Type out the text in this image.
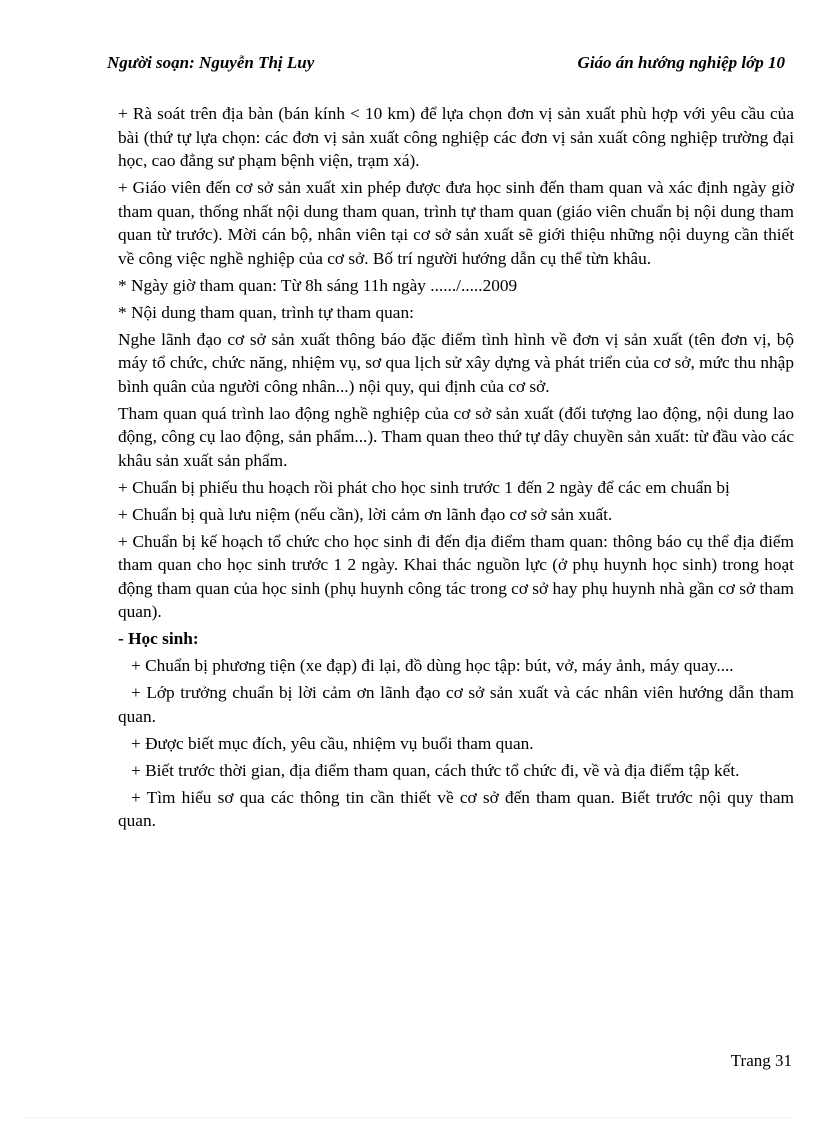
Người soạn: Nguyễn Thị Luy	Giáo án hướng nghiệp lớp 10

+ Rà soát trên địa bàn (bán kính < 10 km) để lựa chọn đơn vị sản xuất phù hợp với yêu cầu của bài (thứ tự lựa chọn: các đơn vị sản xuất công nghiệp các đơn vị sản xuất công nghiệp trường đại học, cao đẳng sư phạm bệnh viện, trạm xá).

+ Giáo viên đến cơ sở sản xuất xin phép được đưa học sinh đến tham quan và xác định ngày giờ tham quan, thống nhất nội dung tham quan, trình tự tham quan (giáo viên chuẩn bị nội dung tham quan từ trước). Mời cán bộ, nhân viên tại cơ sở sản xuất sẽ giới thiệu những nội duyng cần thiết về công việc nghề nghiệp của cơ sở. Bố trí người hướng dẫn cụ thể từn khâu.

* Ngày giờ tham quan: Từ 8h sáng 11h ngày ....../.....2009

* Nội dung tham quan, trình tự tham quan:

Nghe lãnh đạo cơ sở sản xuất thông báo đặc điểm tình hình về đơn vị sản xuất (tên đơn vị, bộ máy tổ chức, chức năng, nhiệm vụ, sơ qua lịch sử xây dựng và phát triển của cơ sở, mức thu nhập bình quân của người công nhân...) nội quy, qui định của cơ sở.

Tham quan quá trình lao động nghề nghiệp của cơ sở sản xuất (đối tượng lao động, nội dung lao động, công cụ lao động, sản phẩm...). Tham quan theo thứ tự dây chuyền sản xuất: từ đầu vào các khâu sản xuất sản phẩm.

+ Chuẩn bị phiếu thu hoạch rồi phát cho học sinh trước 1 đến 2 ngày để các em chuẩn bị

+ Chuẩn bị quà lưu niệm (nếu cần), lời cảm ơn lãnh đạo cơ sở sản xuất.

+ Chuẩn bị kế hoạch tổ chức cho học sinh đi đến địa điểm tham quan: thông báo cụ thể địa điểm tham quan cho học sinh trước 1 2 ngày. Khai thác nguồn lực (ở phụ huynh học sinh) trong hoạt động tham quan của học sinh (phụ huynh công tác trong cơ sở hay phụ huynh nhà gần cơ sở tham quan).

- Học sinh:

+ Chuẩn bị phương tiện (xe đạp) đi lại, đồ dùng học tập: bút, vở, máy ảnh, máy quay....

+ Lớp trưởng chuẩn bị lời cảm ơn lãnh đạo cơ sở sản xuất và các nhân viên hướng dẫn tham quan.

+ Được biết mục đích, yêu cầu, nhiệm vụ buổi tham quan.

+ Biết trước thời gian, địa điểm tham quan, cách thức tổ chức đi, về và địa điểm tập kết.

+ Tìm hiểu sơ qua các thông tin cần thiết về cơ sở đến tham quan. Biết trước nội quy tham quan.

Trang 31
